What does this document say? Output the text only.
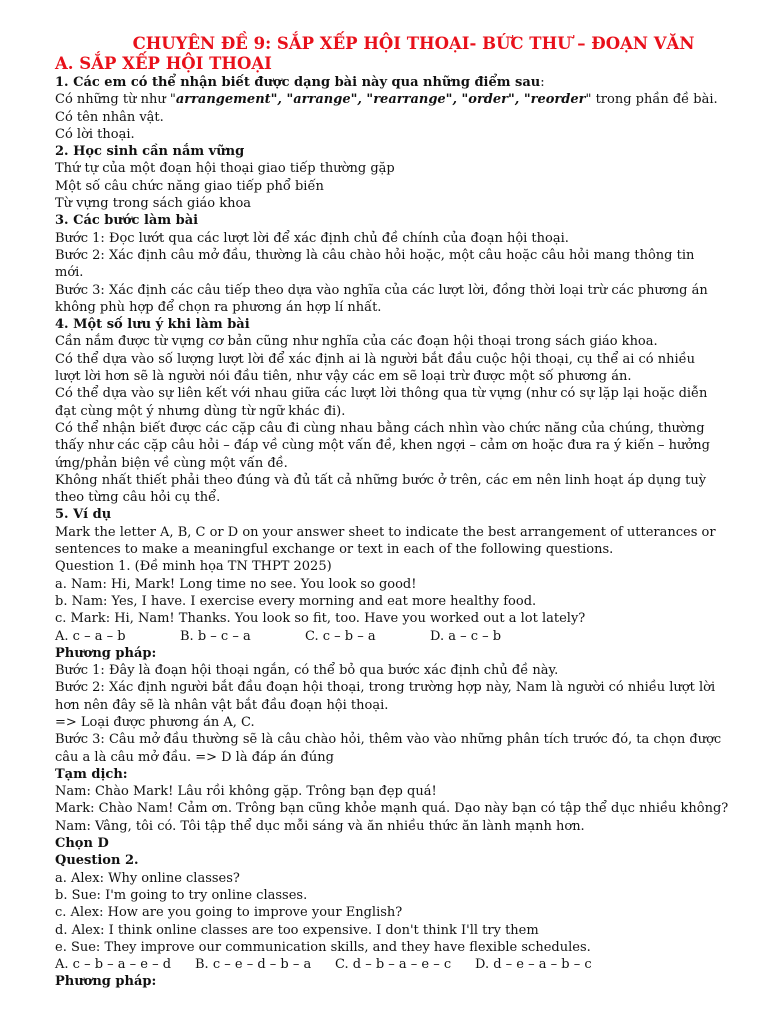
CHUYÊN ĐỀ 9: SẮP XẾP HỘI THOẠI- BỨC THƯ – ĐOẠN VĂN
A. SẮP XẾP HỘI THOẠI
1. Các em có thể nhận biết được dạng bài này qua những điểm sau:
Có những từ như "arrangement", "arrange", "rearrange", "order", "reorder" trong phần đề bài.
Có tên nhân vật.
Có lời thoại.
2. Học sinh cần nắm vững
Thứ tự của một đoạn hội thoại giao tiếp thường gặp
Một số câu chức năng giao tiếp phổ biến
Từ vựng trong sách giáo khoa
3. Các bước làm bài
Bước 1: Đọc lướt qua các lượt lời để xác định chủ đề chính của đoạn hội thoại.
Bước 2: Xác định câu mở đầu, thường là câu chào hỏi hoặc, một câu hoặc câu hỏi mang thông tin
mới.
Bước 3: Xác định các câu tiếp theo dựa vào nghĩa của các lượt lời, đồng thời loại trừ các phương án
không phù hợp để chọn ra phương án hợp lí nhất.
4. Một số lưu ý khi làm bài
Cần nắm được từ vựng cơ bản cũng như nghĩa của các đoạn hội thoại trong sách giáo khoa.
Có thể dựa vào số lượng lượt lời để xác định ai là người bắt đầu cuộc hội thoại, cụ thể ai có nhiều
lượt lời hơn sẽ là người nói đầu tiên, như vậy các em sẽ loại trừ được một số phương án.
Có thể dựa vào sự liên kết với nhau giữa các lượt lời thông qua từ vựng (như có sự lặp lại hoặc diễn
đạt cùng một ý nhưng dùng từ ngữ khác đi).
Có thể nhận biết được các cặp câu đi cùng nhau bằng cách nhìn vào chức năng của chúng, thường
thấy như các cặp câu hỏi – đáp về cùng một vấn đề, khen ngợi – cảm ơn hoặc đưa ra ý kiến – hưởng
ứng/phản biện về cùng một vấn đề.
Không nhất thiết phải theo đúng và đủ tất cả những bước ở trên, các em nên linh hoạt áp dụng tuỳ
theo từng câu hỏi cụ thể.
5. Ví dụ
Mark the letter A, B, C or D on your answer sheet to indicate the best arrangement of utterances or
sentences to make a meaningful exchange or text in each of the following questions.
Question 1. (Đề minh họa TN THPT 2025)
a. Nam: Hi, Mark! Long time no see. You look so good!
b. Nam: Yes, I have. I exercise every morning and eat more healthy food.
c. Mark: Hi, Nam! Thanks. You look so fit, too. Have you worked out a lot lately?
A. c – a – b	B. b – c – a	C. c – b – a	D. a – c – b
Phương pháp:
Bước 1: Đây là đoạn hội thoại ngắn, có thể bỏ qua bước xác định chủ đề này.
Bước 2: Xác định người bắt đầu đoạn hội thoại, trong trường hợp này, Nam là người có nhiều lượt lời
hơn nên đây sẽ là nhân vật bắt đầu đoạn hội thoại.
=> Loại được phương án A, C.
Bước 3: Câu mở đầu thường sẽ là câu chào hỏi, thêm vào vào những phân tích trước đó, ta chọn được
câu a là câu mở đầu. => D là đáp án đúng
Tạm dịch:
Nam: Chào Mark! Lâu rồi không gặp. Trông bạn đẹp quá!
Mark: Chào Nam! Cảm ơn. Trông bạn cũng khỏe mạnh quá. Dạo này bạn có tập thể dục nhiều không?
Nam: Vâng, tôi có. Tôi tập thể dục mỗi sáng và ăn nhiều thức ăn lành mạnh hơn.
Chọn D
Question 2.
a. Alex: Why online classes?
b. Sue: I'm going to try online classes.
c. Alex: How are you going to improve your English?
d. Alex: I think online classes are too expensive. I don't think I'll try them
e. Sue: They improve our communication skills, and they have flexible schedules.
A. c – b – a – e – d	B. c – e – d – b – a	C. d – b – a – e – c	D. d – e – a – b – c
Phương pháp:
